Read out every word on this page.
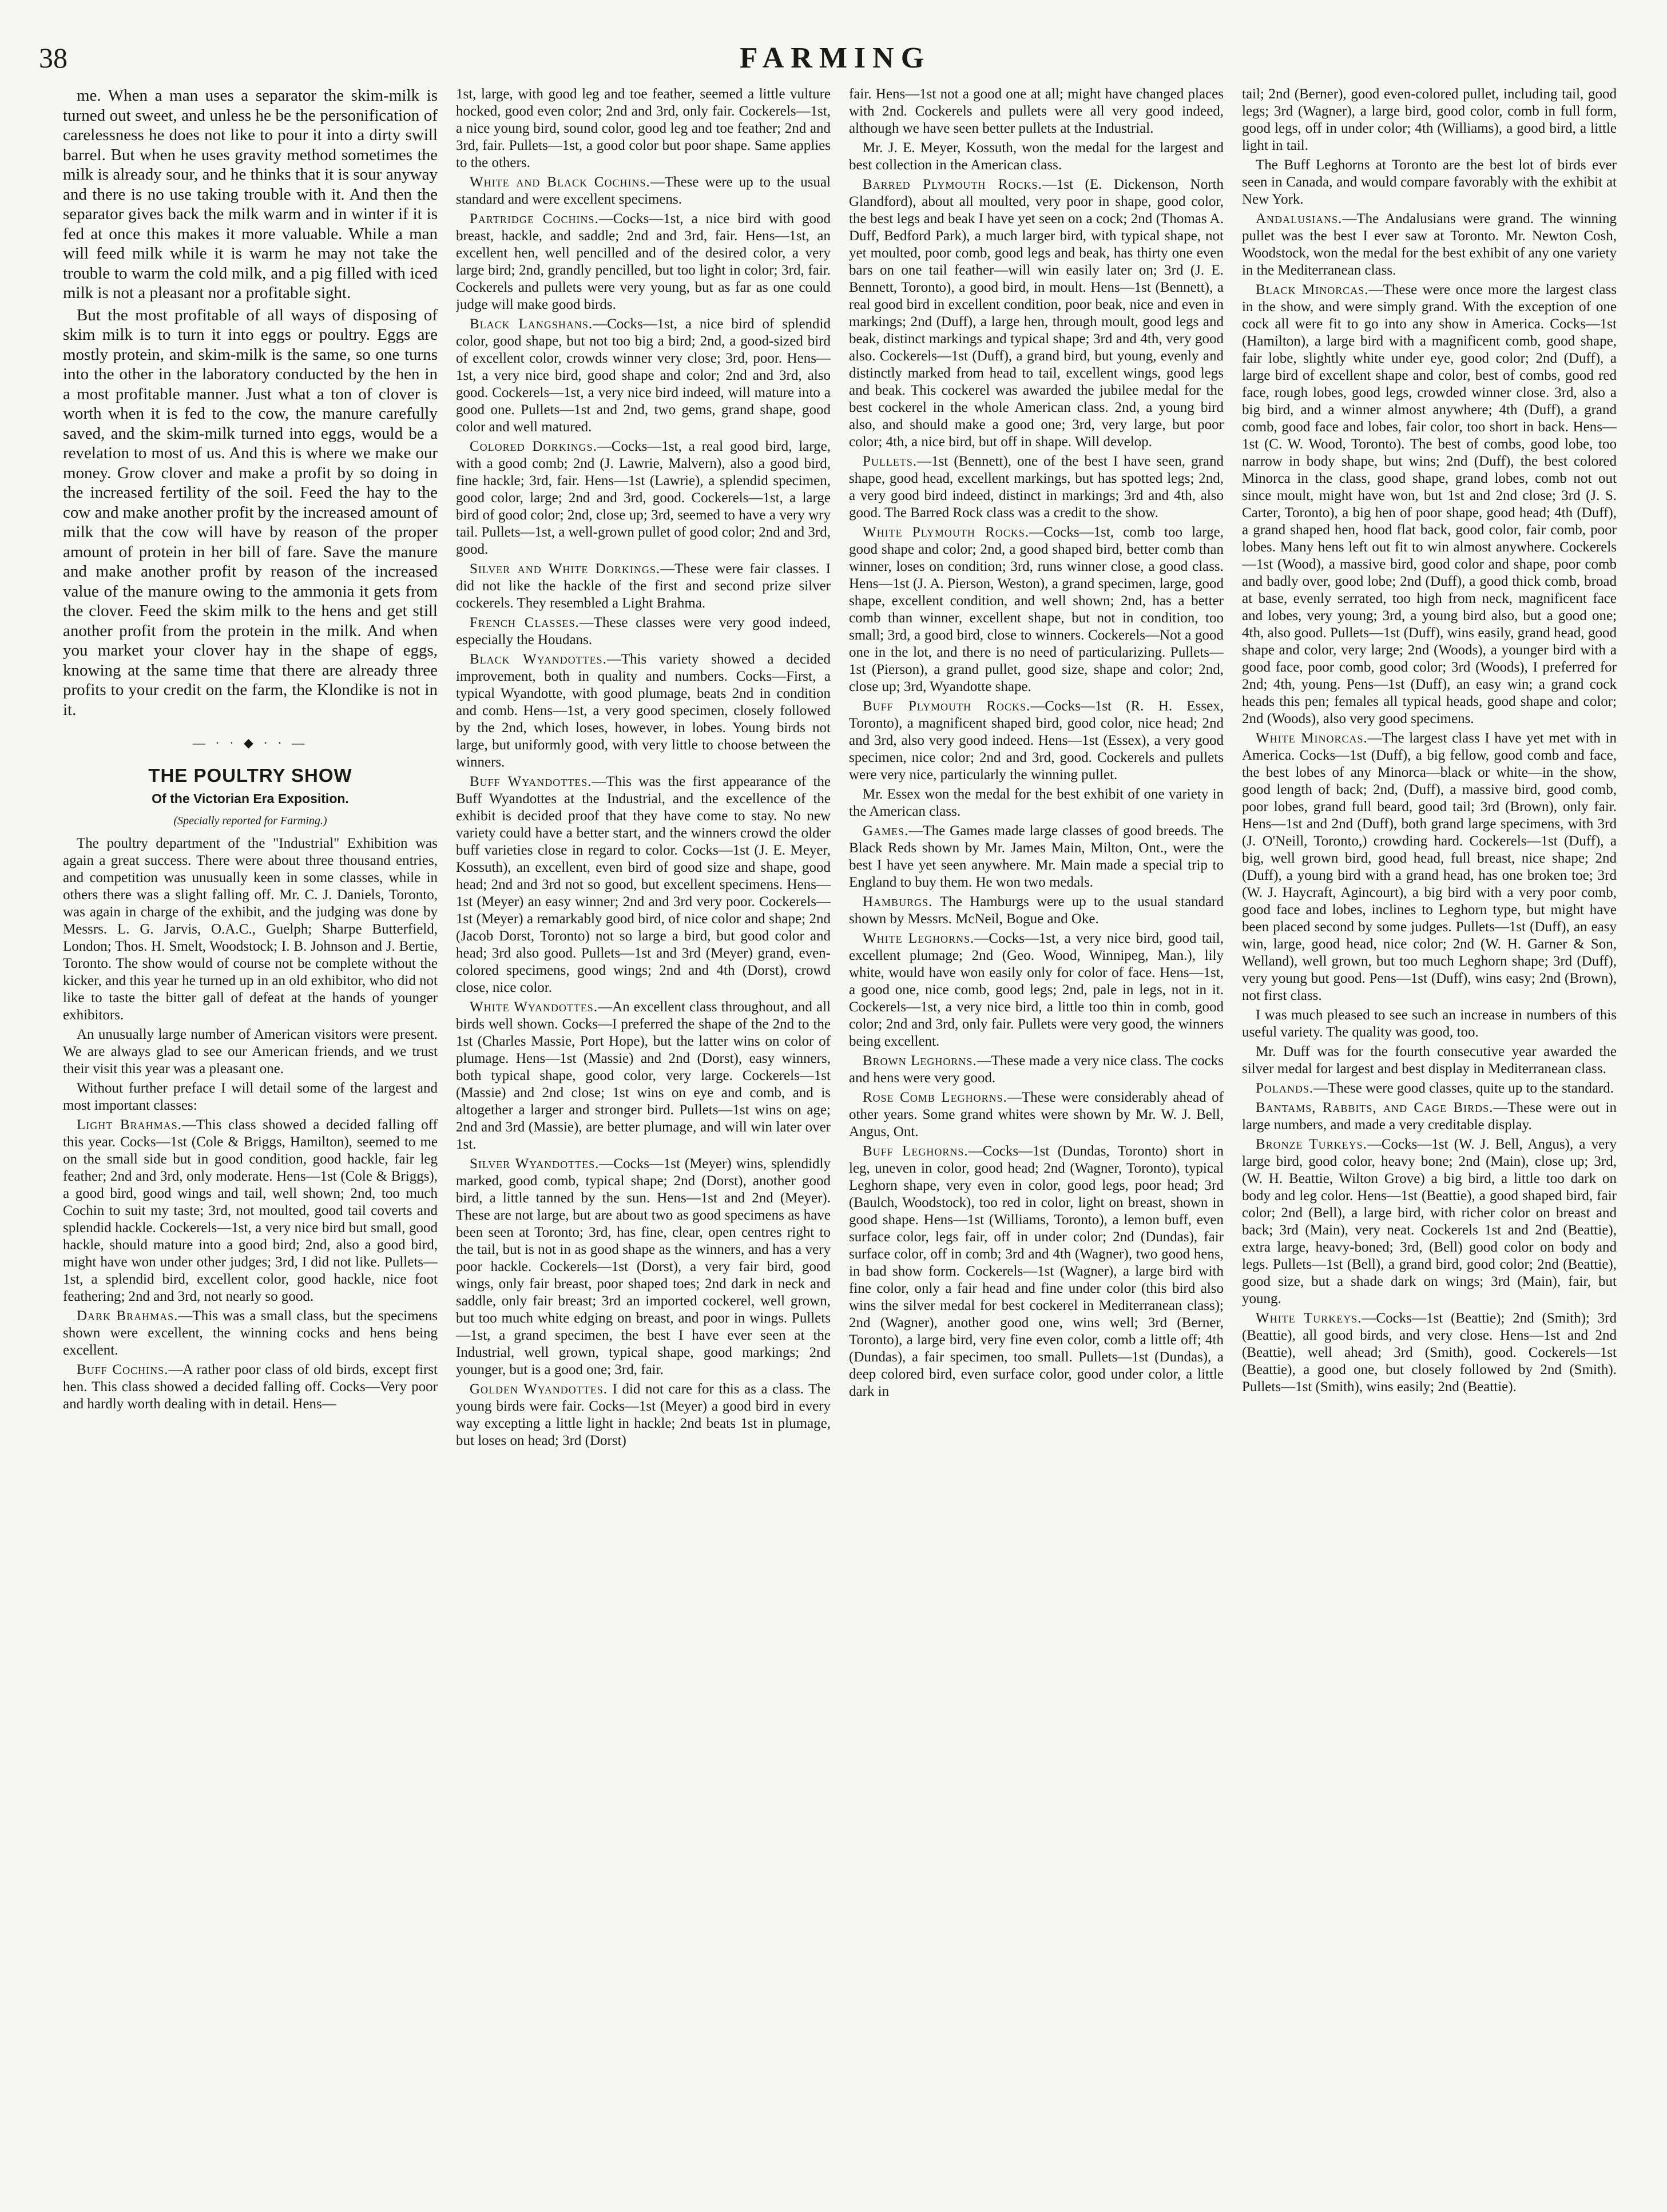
38	FARMING

me. When a man uses a separator the skim-milk is turned out sweet, and unless he be the personification of carelessness he does not like to pour it into a dirty swill barrel. But when he uses gravity method sometimes the milk is already sour, and he thinks that it is sour anyway and there is no use taking trouble with it. And then the separator gives back the milk warm and in winter if it is fed at once this makes it more valuable. While a man will feed milk while it is warm he may not take the trouble to warm the cold milk, and a pig filled with iced milk is not a pleasant nor a profitable sight.

But the most profitable of all ways of disposing of skim milk is to turn it into eggs or poultry. Eggs are mostly protein, and skim-milk is the same, so one turns into the other in the laboratory conducted by the hen in a most profitable manner. Just what a ton of clover is worth when it is fed to the cow, the manure carefully saved, and the skim-milk turned into eggs, would be a revelation to most of us. And this is where we make our money. Grow clover and make a profit by so doing in the increased fertility of the soil. Feed the hay to the cow and make another profit by the increased amount of milk that the cow will have by reason of the proper amount of protein in her bill of fare. Save the manure and make another profit by reason of the increased value of the manure owing to the ammonia it gets from the clover. Feed the skim milk to the hens and get still another profit from the protein in the milk. And when you market your clover hay in the shape of eggs, knowing at the same time that there are already three profits to your credit on the farm, the Klondike is not in it.

— · · ◆ · · —
THE POULTRY SHOW
Of the Victorian Era Exposition.
(Specially reported for Farming.)

The poultry department of the "Industrial" Exhibition was again a great success. There were about three thousand entries, and competition was unusually keen in some classes, while in others there was a slight falling off. Mr. C. J. Daniels, Toronto, was again in charge of the exhibit, and the judging was done by Messrs. L. G. Jarvis, O.A.C., Guelph; Sharpe Butterfield, London; Thos. H. Smelt, Woodstock; I. B. Johnson and J. Bertie, Toronto. The show would of course not be complete without the kicker, and this year he turned up in an old exhibitor, who did not like to taste the bitter gall of defeat at the hands of younger exhibitors.

An unusually large number of American visitors were present. We are always glad to see our American friends, and we trust their visit this year was a pleasant one.

Without further preface I will detail some of the largest and most important classes:

Light Brahmas.—This class showed a decided falling off this year. Cocks—1st (Cole & Briggs, Hamilton), seemed to me on the small side but in good condition, good hackle, fair leg feather; 2nd and 3rd, only moderate. Hens—1st (Cole & Briggs), a good bird, good wings and tail, well shown; 2nd, too much Cochin to suit my taste; 3rd, not moulted, good tail coverts and splendid hackle. Cockerels—1st, a very nice bird but small, good hackle, should mature into a good bird; 2nd, also a good bird, might have won under other judges; 3rd, I did not like. Pullets—1st, a splendid bird, excellent color, good hackle, nice foot feathering; 2nd and 3rd, not nearly so good.

Dark Brahmas.—This was a small class, but the specimens shown were excellent, the winning cocks and hens being excellent.

Buff Cochins.—A rather poor class of old birds, except first hen. This class showed a decided falling off. Cocks—Very poor and hardly worth dealing with in detail. Hens—

1st, large, with good leg and toe feather, seemed a little vulture hocked, good even color; 2nd and 3rd, only fair. Cockerels—1st, a nice young bird, sound color, good leg and toe feather; 2nd and 3rd, fair. Pullets—1st, a good color but poor shape. Same applies to the others.

White and Black Cochins.—These were up to the usual standard and were excellent specimens.

Partridge Cochins.—Cocks—1st, a nice bird with good breast, hackle, and saddle; 2nd and 3rd, fair. Hens—1st, an excellent hen, well pencilled and of the desired color, a very large bird; 2nd, grandly pencilled, but too light in color; 3rd, fair. Cockerels and pullets were very young, but as far as one could judge will make good birds.

Black Langshans.—Cocks—1st, a nice bird of splendid color, good shape, but not too big a bird; 2nd, a good-sized bird of excellent color, crowds winner very close; 3rd, poor. Hens—1st, a very nice bird, good shape and color; 2nd and 3rd, also good. Cockerels—1st, a very nice bird indeed, will mature into a good one. Pullets—1st and 2nd, two gems, grand shape, good color and well matured.

Colored Dorkings.—Cocks—1st, a real good bird, large, with a good comb; 2nd (J. Lawrie, Malvern), also a good bird, fine hackle; 3rd, fair. Hens—1st (Lawrie), a splendid specimen, good color, large; 2nd and 3rd, good. Cockerels—1st, a large bird of good color; 2nd, close up; 3rd, seemed to have a very wry tail. Pullets—1st, a well-grown pullet of good color; 2nd and 3rd, good.

Silver and White Dorkings.—These were fair classes. I did not like the hackle of the first and second prize silver cockerels. They resembled a Light Brahma.

French Classes.—These classes were very good indeed, especially the Houdans.

Black Wyandottes.—This variety showed a decided improvement, both in quality and numbers. Cocks—First, a typical Wyandotte, with good plumage, beats 2nd in condition and comb. Hens—1st, a very good specimen, closely followed by the 2nd, which loses, however, in lobes. Young birds not large, but uniformly good, with very little to choose between the winners.

Buff Wyandottes.—This was the first appearance of the Buff Wyandottes at the Industrial, and the excellence of the exhibit is decided proof that they have come to stay. No new variety could have a better start, and the winners crowd the older buff varieties close in regard to color. Cocks—1st (J. E. Meyer, Kossuth), an excellent, even bird of good size and shape, good head; 2nd and 3rd not so good, but excellent specimens. Hens—1st (Meyer) an easy winner; 2nd and 3rd very poor. Cockerels—1st (Meyer) a remarkably good bird, of nice color and shape; 2nd (Jacob Dorst, Toronto) not so large a bird, but good color and head; 3rd also good. Pullets—1st and 3rd (Meyer) grand, even-colored specimens, good wings; 2nd and 4th (Dorst), crowd close, nice color.

White Wyandottes.—An excellent class throughout, and all birds well shown. Cocks—I preferred the shape of the 2nd to the 1st (Charles Massie, Port Hope), but the latter wins on color of plumage. Hens—1st (Massie) and 2nd (Dorst), easy winners, both typical shape, good color, very large. Cockerels—1st (Massie) and 2nd close; 1st wins on eye and comb, and is altogether a larger and stronger bird. Pullets—1st wins on age; 2nd and 3rd (Massie), are better plumage, and will win later over 1st.

Silver Wyandottes.—Cocks—1st (Meyer) wins, splendidly marked, good comb, typical shape; 2nd (Dorst), another good bird, a little tanned by the sun. Hens—1st and 2nd (Meyer). These are not large, but are about two as good specimens as have been seen at Toronto; 3rd, has fine, clear, open centres right to the tail, but is not in as good shape as the winners, and has a very poor hackle. Cockerels—1st (Dorst), a very fair bird, good wings, only fair breast, poor shaped toes; 2nd dark in neck and saddle, only fair breast; 3rd an imported cockerel, well grown, but too much white edging on breast, and poor in wings. Pullets—1st, a grand specimen, the best I have ever seen at the Industrial, well grown, typical shape, good markings; 2nd younger, but is a good one; 3rd, fair.

Golden Wyandottes. I did not care for this as a class. The young birds were fair. Cocks—1st (Meyer) a good bird in every way excepting a little light in hackle; 2nd beats 1st in plumage, but loses on head; 3rd (Dorst)

fair. Hens—1st not a good one at all; might have changed places with 2nd. Cockerels and pullets were all very good indeed, although we have seen better pullets at the Industrial.

Mr. J. E. Meyer, Kossuth, won the medal for the largest and best collection in the American class.

Barred Plymouth Rocks.—1st (E. Dickenson, North Glandford), about all moulted, very poor in shape, good color, the best legs and beak I have yet seen on a cock; 2nd (Thomas A. Duff, Bedford Park), a much larger bird, with typical shape, not yet moulted, poor comb, good legs and beak, has thirty one even bars on one tail feather—will win easily later on; 3rd (J. E. Bennett, Toronto), a good bird, in moult. Hens—1st (Bennett), a real good bird in excellent condition, poor beak, nice and even in markings; 2nd (Duff), a large hen, through moult, good legs and beak, distinct markings and typical shape; 3rd and 4th, very good also. Cockerels—1st (Duff), a grand bird, but young, evenly and distinctly marked from head to tail, excellent wings, good legs and beak. This cockerel was awarded the jubilee medal for the best cockerel in the whole American class. 2nd, a young bird also, and should make a good one; 3rd, very large, but poor color; 4th, a nice bird, but off in shape. Will develop.

Pullets.—1st (Bennett), one of the best I have seen, grand shape, good head, excellent markings, but has spotted legs; 2nd, a very good bird indeed, distinct in markings; 3rd and 4th, also good. The Barred Rock class was a credit to the show.

White Plymouth Rocks.—Cocks—1st, comb too large, good shape and color; 2nd, a good shaped bird, better comb than winner, loses on condition; 3rd, runs winner close, a good class. Hens—1st (J. A. Pierson, Weston), a grand specimen, large, good shape, excellent condition, and well shown; 2nd, has a better comb than winner, excellent shape, but not in condition, too small; 3rd, a good bird, close to winners. Cockerels—Not a good one in the lot, and there is no need of particularizing. Pullets—1st (Pierson), a grand pullet, good size, shape and color; 2nd, close up; 3rd, Wyandotte shape.

Buff Plymouth Rocks.—Cocks—1st (R. H. Essex, Toronto), a magnificent shaped bird, good color, nice head; 2nd and 3rd, also very good indeed. Hens—1st (Essex), a very good specimen, nice color; 2nd and 3rd, good. Cockerels and pullets were very nice, particularly the winning pullet.

Mr. Essex won the medal for the best exhibit of one variety in the American class.

Games.—The Games made large classes of good breeds. The Black Reds shown by Mr. James Main, Milton, Ont., were the best I have yet seen anywhere. Mr. Main made a special trip to England to buy them. He won two medals.

Hamburgs. The Hamburgs were up to the usual standard shown by Messrs. McNeil, Bogue and Oke.

White Leghorns.—Cocks—1st, a very nice bird, good tail, excellent plumage; 2nd (Geo. Wood, Winnipeg, Man.), lily white, would have won easily only for color of face. Hens—1st, a good one, nice comb, good legs; 2nd, pale in legs, not in it. Cockerels—1st, a very nice bird, a little too thin in comb, good color; 2nd and 3rd, only fair. Pullets were very good, the winners being excellent.

Brown Leghorns.—These made a very nice class. The cocks and hens were very good.

Rose Comb Leghorns.—These were considerably ahead of other years. Some grand whites were shown by Mr. W. J. Bell, Angus, Ont.

Buff Leghorns.—Cocks—1st (Dundas, Toronto) short in leg, uneven in color, good head; 2nd (Wagner, Toronto), typical Leghorn shape, very even in color, good legs, poor head; 3rd (Baulch, Woodstock), too red in color, light on breast, shown in good shape. Hens—1st (Williams, Toronto), a lemon buff, even surface color, legs fair, off in under color; 2nd (Dundas), fair surface color, off in comb; 3rd and 4th (Wagner), two good hens, in bad show form. Cockerels—1st (Wagner), a large bird with fine color, only a fair head and fine under color (this bird also wins the silver medal for best cockerel in Mediterranean class); 2nd (Wagner), another good one, wins well; 3rd (Berner, Toronto), a large bird, very fine even color, comb a little off; 4th (Dundas), a fair specimen, too small. Pullets—1st (Dundas), a deep colored bird, even surface color, good under color, a little dark in

tail; 2nd (Berner), good even-colored pullet, including tail, good legs; 3rd (Wagner), a large bird, good color, comb in full form, good legs, off in under color; 4th (Williams), a good bird, a little light in tail.

The Buff Leghorns at Toronto are the best lot of birds ever seen in Canada, and would compare favorably with the exhibit at New York.

Andalusians.—The Andalusians were grand. The winning pullet was the best I ever saw at Toronto. Mr. Newton Cosh, Woodstock, won the medal for the best exhibit of any one variety in the Mediterranean class.

Black Minorcas.—These were once more the largest class in the show, and were simply grand. With the exception of one cock all were fit to go into any show in America. Cocks—1st (Hamilton), a large bird with a magnificent comb, good shape, fair lobe, slightly white under eye, good color; 2nd (Duff), a large bird of excellent shape and color, best of combs, good red face, rough lobes, good legs, crowded winner close. 3rd, also a big bird, and a winner almost anywhere; 4th (Duff), a grand comb, good face and lobes, fair color, too short in back. Hens—1st (C. W. Wood, Toronto). The best of combs, good lobe, too narrow in body shape, but wins; 2nd (Duff), the best colored Minorca in the class, good shape, grand lobes, comb not out since moult, might have won, but 1st and 2nd close; 3rd (J. S. Carter, Toronto), a big hen of poor shape, good head; 4th (Duff), a grand shaped hen, hood flat back, good color, fair comb, poor lobes. Many hens left out fit to win almost anywhere. Cockerels—1st (Wood), a massive bird, good color and shape, poor comb and badly over, good lobe; 2nd (Duff), a good thick comb, broad at base, evenly serrated, too high from neck, magnificent face and lobes, very young; 3rd, a young bird also, but a good one; 4th, also good. Pullets—1st (Duff), wins easily, grand head, good shape and color, very large; 2nd (Woods), a younger bird with a good face, poor comb, good color; 3rd (Woods), I preferred for 2nd; 4th, young. Pens—1st (Duff), an easy win; a grand cock heads this pen; females all typical heads, good shape and color; 2nd (Woods), also very good specimens.

White Minorcas.—The largest class I have yet met with in America. Cocks—1st (Duff), a big fellow, good comb and face, the best lobes of any Minorca—black or white—in the show, good length of back; 2nd, (Duff), a massive bird, good comb, poor lobes, grand full beard, good tail; 3rd (Brown), only fair. Hens—1st and 2nd (Duff), both grand large specimens, with 3rd (J. O'Neill, Toronto,) crowding hard. Cockerels—1st (Duff), a big, well grown bird, good head, full breast, nice shape; 2nd (Duff), a young bird with a grand head, has one broken toe; 3rd (W. J. Haycraft, Agincourt), a big bird with a very poor comb, good face and lobes, inclines to Leghorn type, but might have been placed second by some judges. Pullets—1st (Duff), an easy win, large, good head, nice color; 2nd (W. H. Garner & Son, Welland), well grown, but too much Leghorn shape; 3rd (Duff), very young but good. Pens—1st (Duff), wins easy; 2nd (Brown), not first class.

I was much pleased to see such an increase in numbers of this useful variety. The quality was good, too.

Mr. Duff was for the fourth consecutive year awarded the silver medal for largest and best display in Mediterranean class.

Polands.—These were good classes, quite up to the standard.

Bantams, Rabbits, and Cage Birds.—These were out in large numbers, and made a very creditable display.

Bronze Turkeys.—Cocks—1st (W. J. Bell, Angus), a very large bird, good color, heavy bone; 2nd (Main), close up; 3rd, (W. H. Beattie, Wilton Grove) a big bird, a little too dark on body and leg color. Hens—1st (Beattie), a good shaped bird, fair color; 2nd (Bell), a large bird, with richer color on breast and back; 3rd (Main), very neat. Cockerels 1st and 2nd (Beattie), extra large, heavy-boned; 3rd, (Bell) good color on body and legs. Pullets—1st (Bell), a grand bird, good color; 2nd (Beattie), good size, but a shade dark on wings; 3rd (Main), fair, but young.

White Turkeys.—Cocks—1st (Beattie); 2nd (Smith); 3rd (Beattie), all good birds, and very close. Hens—1st and 2nd (Beattie), well ahead; 3rd (Smith), good. Cockerels—1st (Beattie), a good one, but closely followed by 2nd (Smith). Pullets—1st (Smith), wins easily; 2nd (Beattie).
